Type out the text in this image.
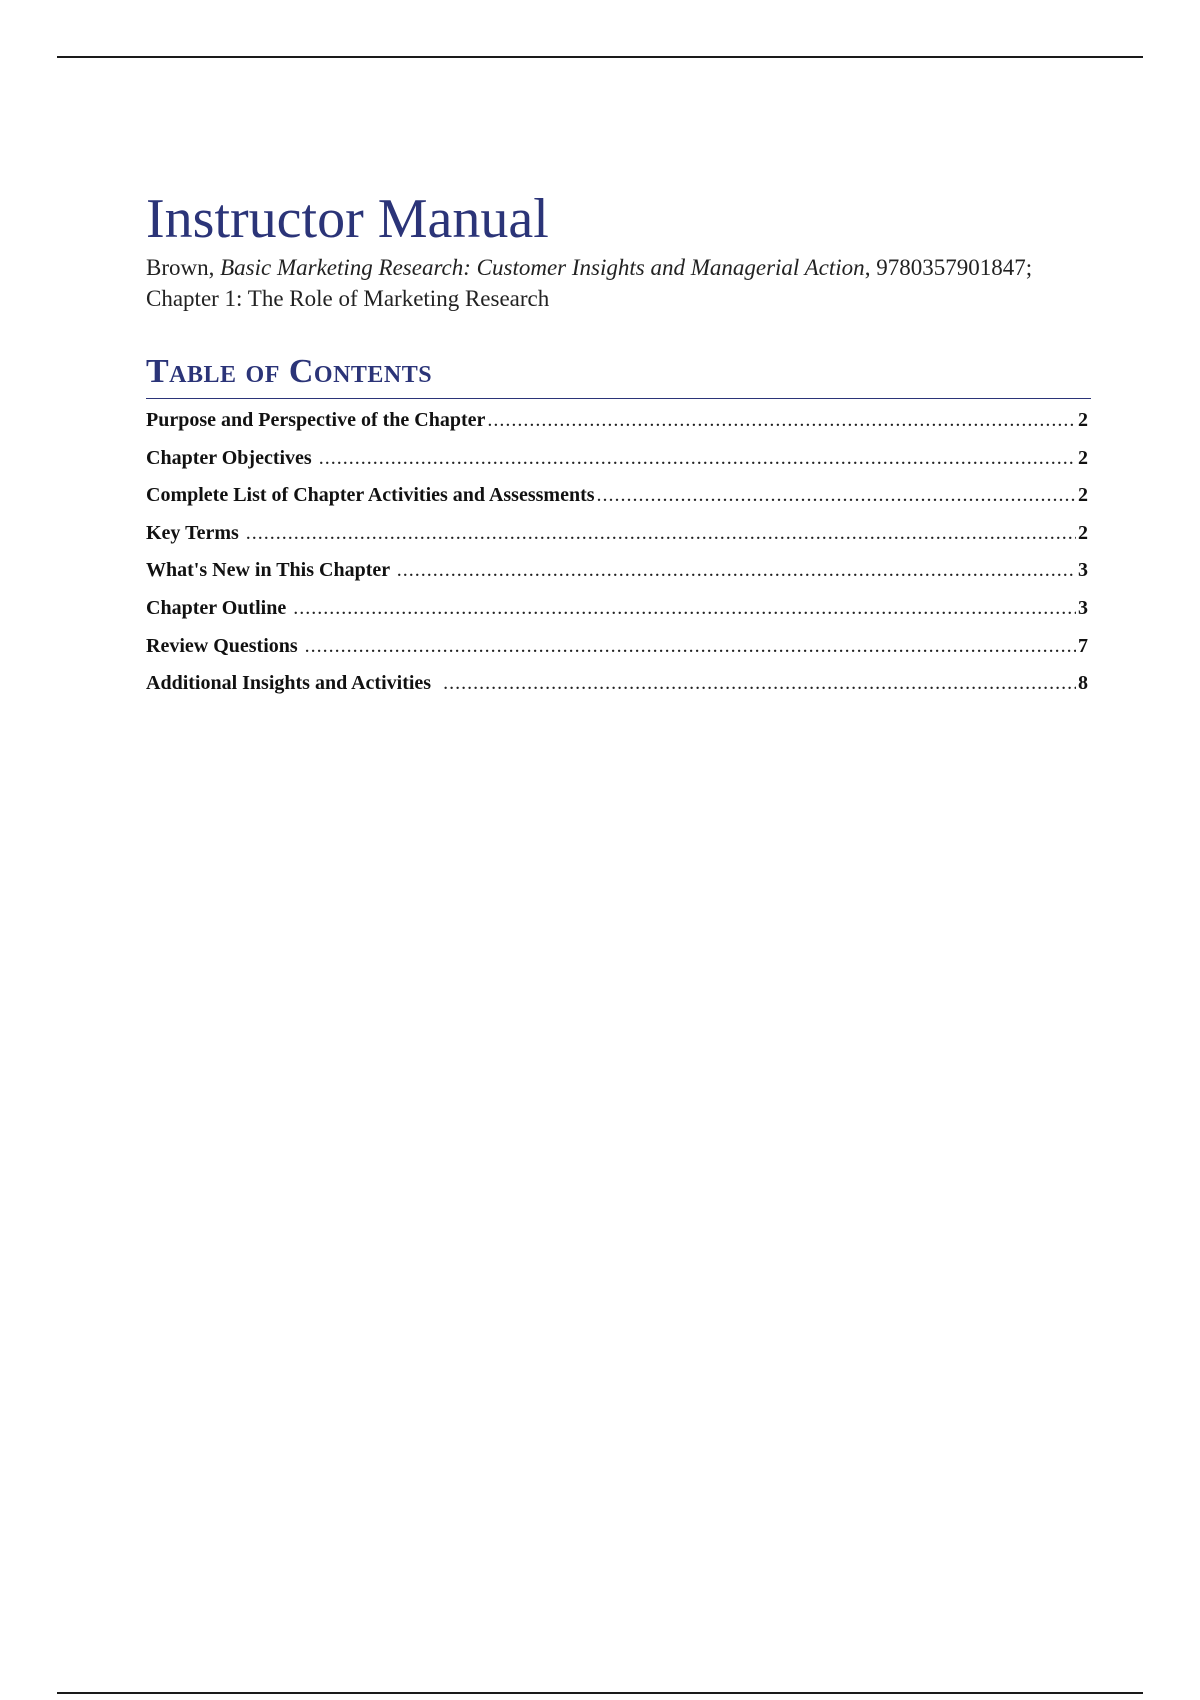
Instructor Manual
Brown, Basic Marketing Research: Customer Insights and Managerial Action, 9780357901847;
Chapter 1: The Role of Marketing Research
Table of Contents
Purpose and Perspective of the Chapter .....	2
Chapter Objectives .....	2
Complete List of Chapter Activities and Assessments .....	2
Key Terms .....	2
What's New in This Chapter .....	3
Chapter Outline .....	3
Review Questions .....	7
Additional Insights and Activities .....	8
